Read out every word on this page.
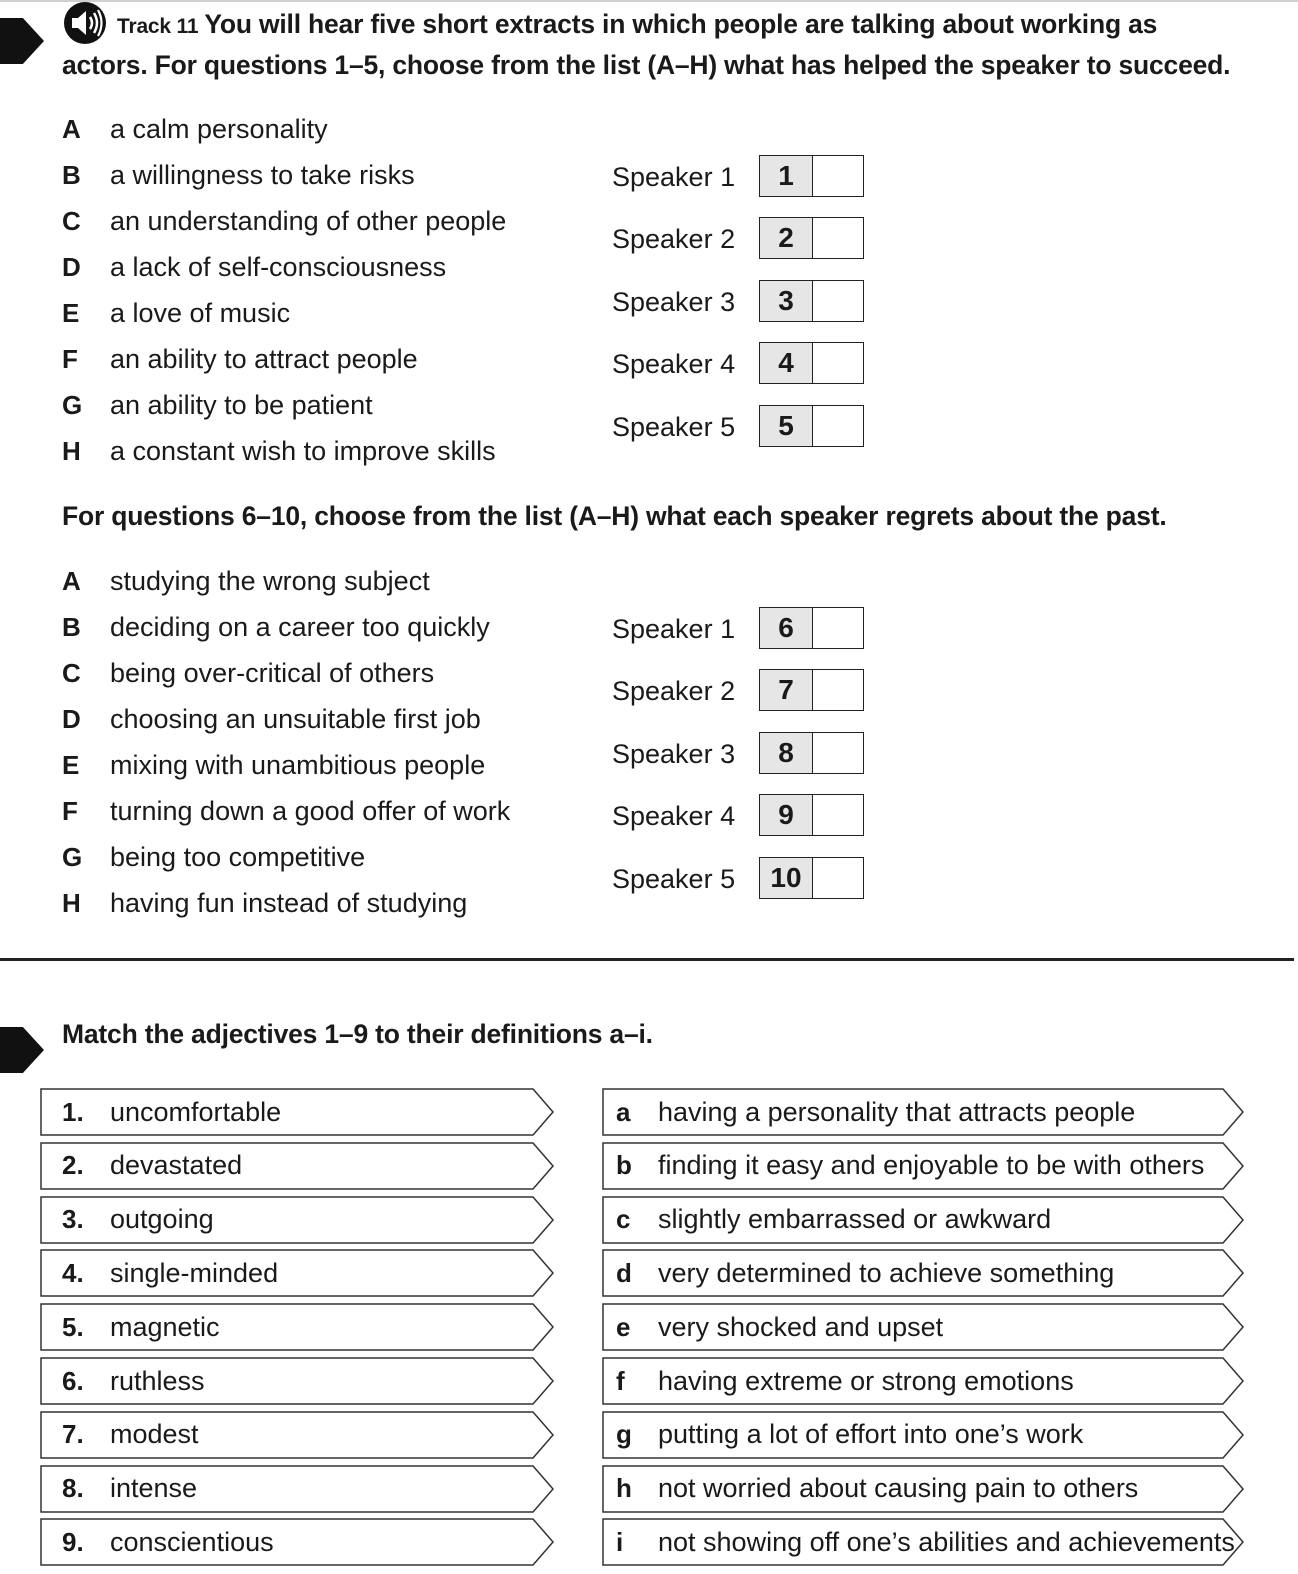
Track 11 You will hear five short extracts in which people are talking about working as
actors. For questions 1–5, choose from the list (A–H) what has helped the speaker to succeed.
A	a calm personality
B	a willingness to take risks
C	an understanding of other people
D	a lack of self-consciousness
E	a love of music
F	an ability to attract people
G	an ability to be patient
H	a constant wish to improve skills
Speaker 1	1
Speaker 2	2
Speaker 3	3
Speaker 4	4
Speaker 5	5
For questions 6–10, choose from the list (A–H) what each speaker regrets about the past.
A	studying the wrong subject
B	deciding on a career too quickly
C	being over-critical of others
D	choosing an unsuitable first job
E	mixing with unambitious people
F	turning down a good offer of work
G	being too competitive
H	having fun instead of studying
Speaker 1	6
Speaker 2	7
Speaker 3	8
Speaker 4	9
Speaker 5	10
Match the adjectives 1–9 to their definitions a–i.
1. uncomfortable
2. devastated
3. outgoing
4. single-minded
5. magnetic
6. ruthless
7. modest
8. intense
9. conscientious
a	having a personality that attracts people
b finding it easy and enjoyable to be with others
c	slightly embarrassed or awkward
d very determined to achieve something
e	very shocked and upset
f	having extreme or strong emotions
g putting a lot of effort into one’s work
h not worried about causing pain to others
i	not showing off one’s abilities and achievements
